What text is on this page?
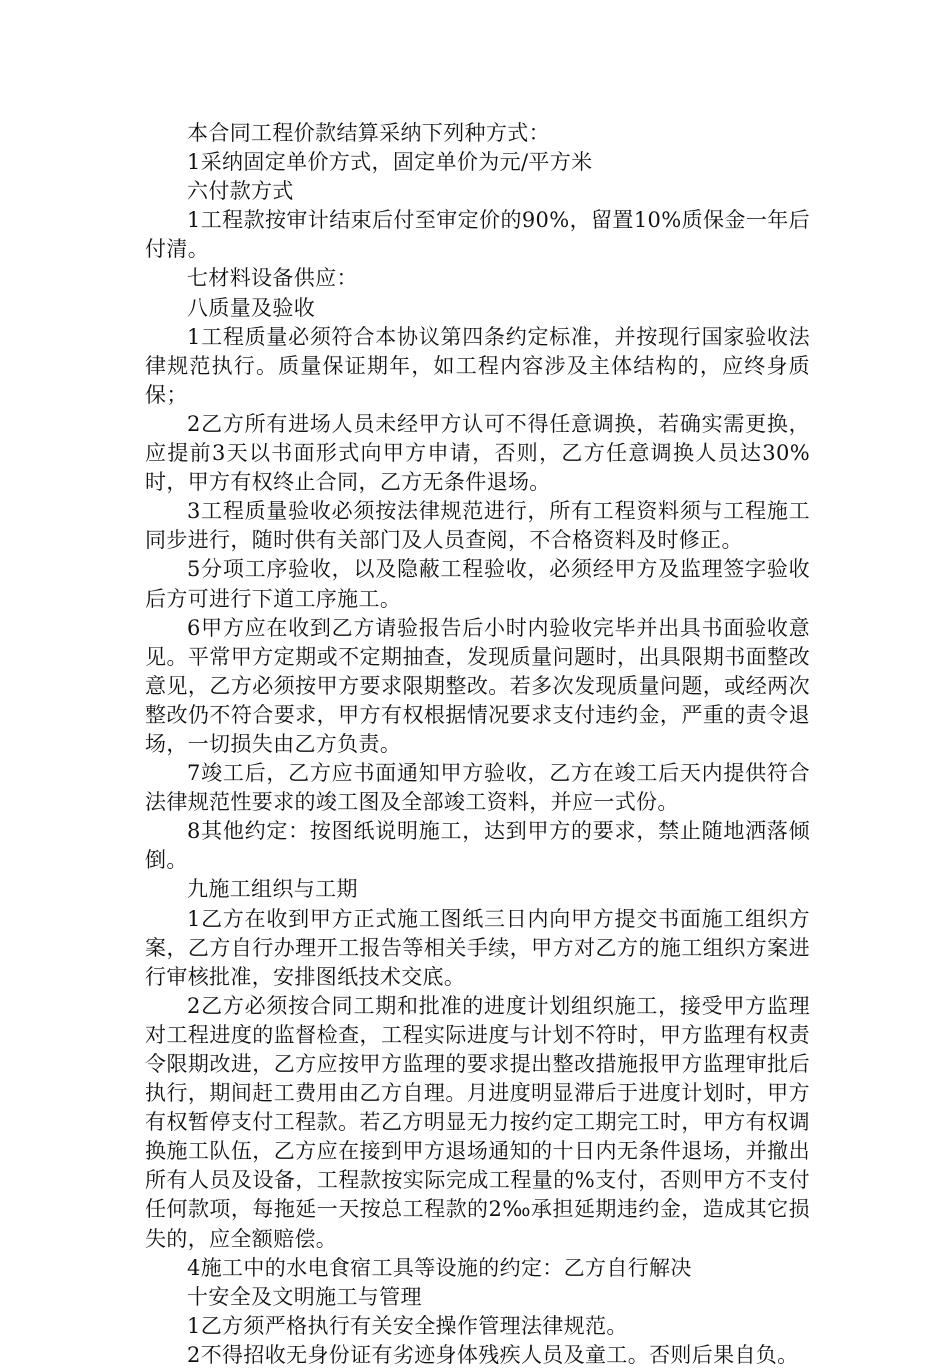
本合同工程价款结算采纳下列种方式：

1采纳固定单价方式，固定单价为元/平方米

六付款方式

1工程款按审计结束后付至审定价的90%，留置10%质保金一年后付清。

七材料设备供应：

八质量及验收

1工程质量必须符合本协议第四条约定标准，并按现行国家验收法律规范执行。质量保证期年，如工程内容涉及主体结构的，应终身质保；

2乙方所有进场人员未经甲方认可不得任意调换，若确实需更换，应提前3天以书面形式向甲方申请，否则，乙方任意调换人员达30%时，甲方有权终止合同，乙方无条件退场。

3工程质量验收必须按法律规范进行，所有工程资料须与工程施工同步进行，随时供有关部门及人员查阅，不合格资料及时修正。

5分项工序验收，以及隐蔽工程验收，必须经甲方及监理签字验收后方可进行下道工序施工。

6甲方应在收到乙方请验报告后小时内验收完毕并出具书面验收意见。平常甲方定期或不定期抽查，发现质量问题时，出具限期书面整改意见，乙方必须按甲方要求限期整改。若多次发现质量问题，或经两次整改仍不符合要求，甲方有权根据情况要求支付违约金，严重的责令退场，一切损失由乙方负责。

7竣工后，乙方应书面通知甲方验收，乙方在竣工后天内提供符合法律规范性要求的竣工图及全部竣工资料，并应一式份。

8其他约定：按图纸说明施工，达到甲方的要求，禁止随地洒落倾倒。

九施工组织与工期

1乙方在收到甲方正式施工图纸三日内向甲方提交书面施工组织方案，乙方自行办理开工报告等相关手续，甲方对乙方的施工组织方案进行审核批准，安排图纸技术交底。

2乙方必须按合同工期和批准的进度计划组织施工，接受甲方监理对工程进度的监督检查，工程实际进度与计划不符时，甲方监理有权责令限期改进，乙方应按甲方监理的要求提出整改措施报甲方监理审批后执行，期间赶工费用由乙方自理。月进度明显滞后于进度计划时，甲方有权暂停支付工程款。若乙方明显无力按约定工期完工时，甲方有权调换施工队伍，乙方应在接到甲方退场通知的十日内无条件退场，并撤出所有人员及设备，工程款按实际完成工程量的%支付，否则甲方不支付任何款项，每拖延一天按总工程款的2‰承担延期违约金，造成其它损失的，应全额赔偿。

4施工中的水电食宿工具等设施的约定：乙方自行解决

十安全及文明施工与管理

1乙方须严格执行有关安全操作管理法律规范。

2不得招收无身份证有劣迹身体残疾人员及童工。否则后果自负。
